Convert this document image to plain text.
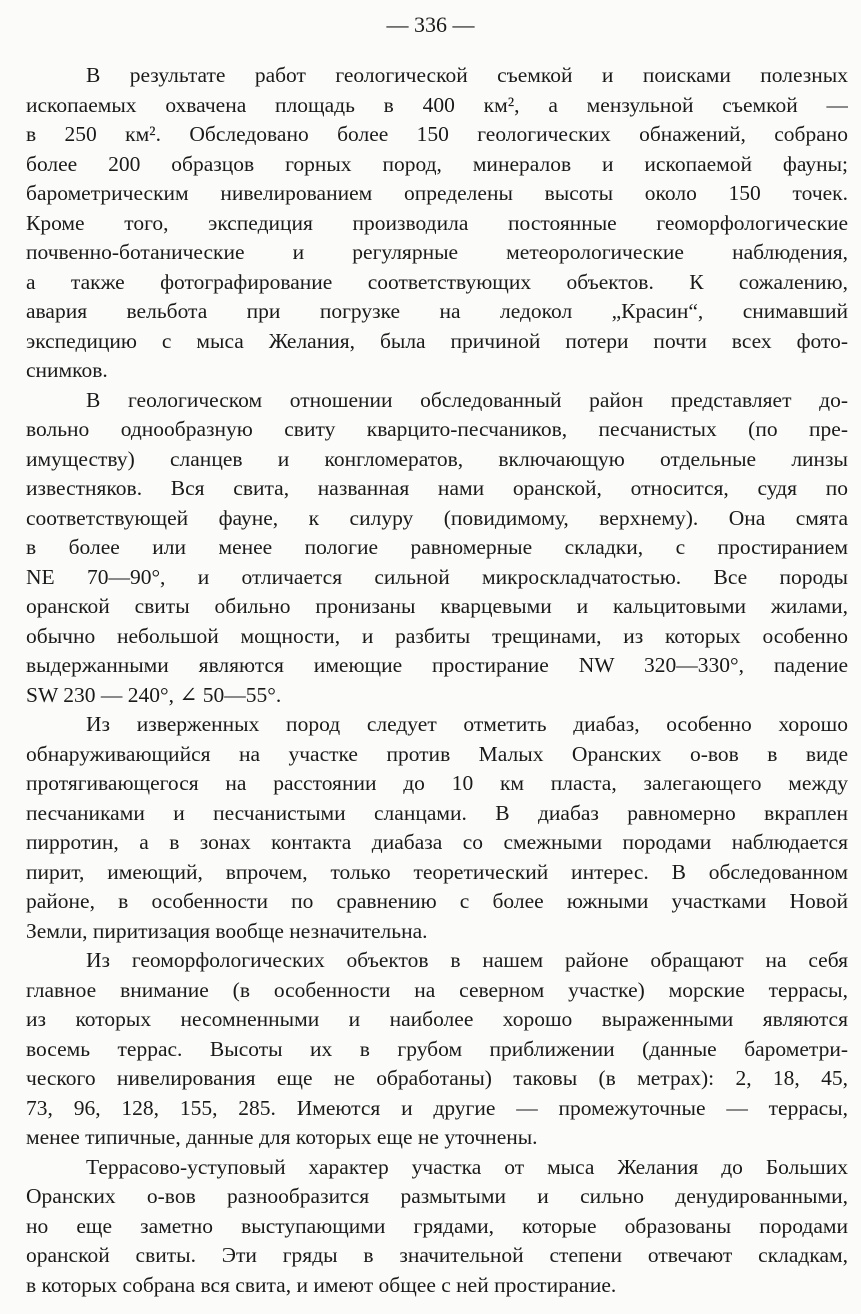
— 336 —
В результате работ геологической съемкой и поисками полезных
ископаемых охвачена площадь в 400 км², а мензульной съемкой —
в 250 км². Обследовано более 150 геологических обнажений, собрано
более 200 образцов горных пород, минералов и ископаемой фауны;
барометрическим нивелированием определены высоты около 150 точек.
Кроме того, экспедиция производила постоянные геоморфологические
почвенно-ботанические и регулярные метеорологические наблюдения,
а также фотографирование соответствующих объектов. К сожалению,
авария вельбота при погрузке на ледокол „Красин“, снимавший
экспедицию с мыса Желания, была причиной потери почти всех фото-
снимков.
В геологическом отношении обследованный район представляет до-
вольно однообразную свиту кварцито-песчаников, песчанистых (по пре-
имуществу) сланцев и конгломератов, включающую отдельные линзы
известняков. Вся свита, названная нами оранской, относится, судя по
соответствующей фауне, к силуру (повидимому, верхнему). Она смята
в более или менее пологие равномерные складки, с простиранием
NE 70—90°, и отличается сильной микроскладчатостью. Все породы
оранской свиты обильно пронизаны кварцевыми и кальцитовыми жилами,
обычно небольшой мощности, и разбиты трещинами, из которых особенно
выдержанными являются имеющие простирание NW 320—330°, падение
SW 230 — 240°, ∠ 50—55°.
Из изверженных пород следует отметить диабаз, особенно хорошо
обнаруживающийся на участке против Малых Оранских о-вов в виде
протягивающегося на расстоянии до 10 км пласта, залегающего между
песчаниками и песчанистыми сланцами. В диабаз равномерно вкраплен
пирротин, а в зонах контакта диабаза со смежными породами наблюдается
пирит, имеющий, впрочем, только теоретический интерес. В обследованном
районе, в особенности по сравнению с более южными участками Новой
Земли, пиритизация вообще незначительна.
Из геоморфологических объектов в нашем районе обращают на себя
главное внимание (в особенности на северном участке) морские террасы,
из которых несомненными и наиболее хорошо выраженными являются
восемь террас. Высоты их в грубом приближении (данные барометри-
ческого нивелирования еще не обработаны) таковы (в метрах): 2, 18, 45,
73, 96, 128, 155, 285. Имеются и другие — промежуточные — террасы,
менее типичные, данные для которых еще не уточнены.
Террасово-уступовый характер участка от мыса Желания до Больших
Оранских о-вов разнообразится размытыми и сильно денудированными,
но еще заметно выступающими грядами, которые образованы породами
оранской свиты. Эти гряды в значительной степени отвечают складкам,
в которых собрана вся свита, и имеют общее с ней простирание.
